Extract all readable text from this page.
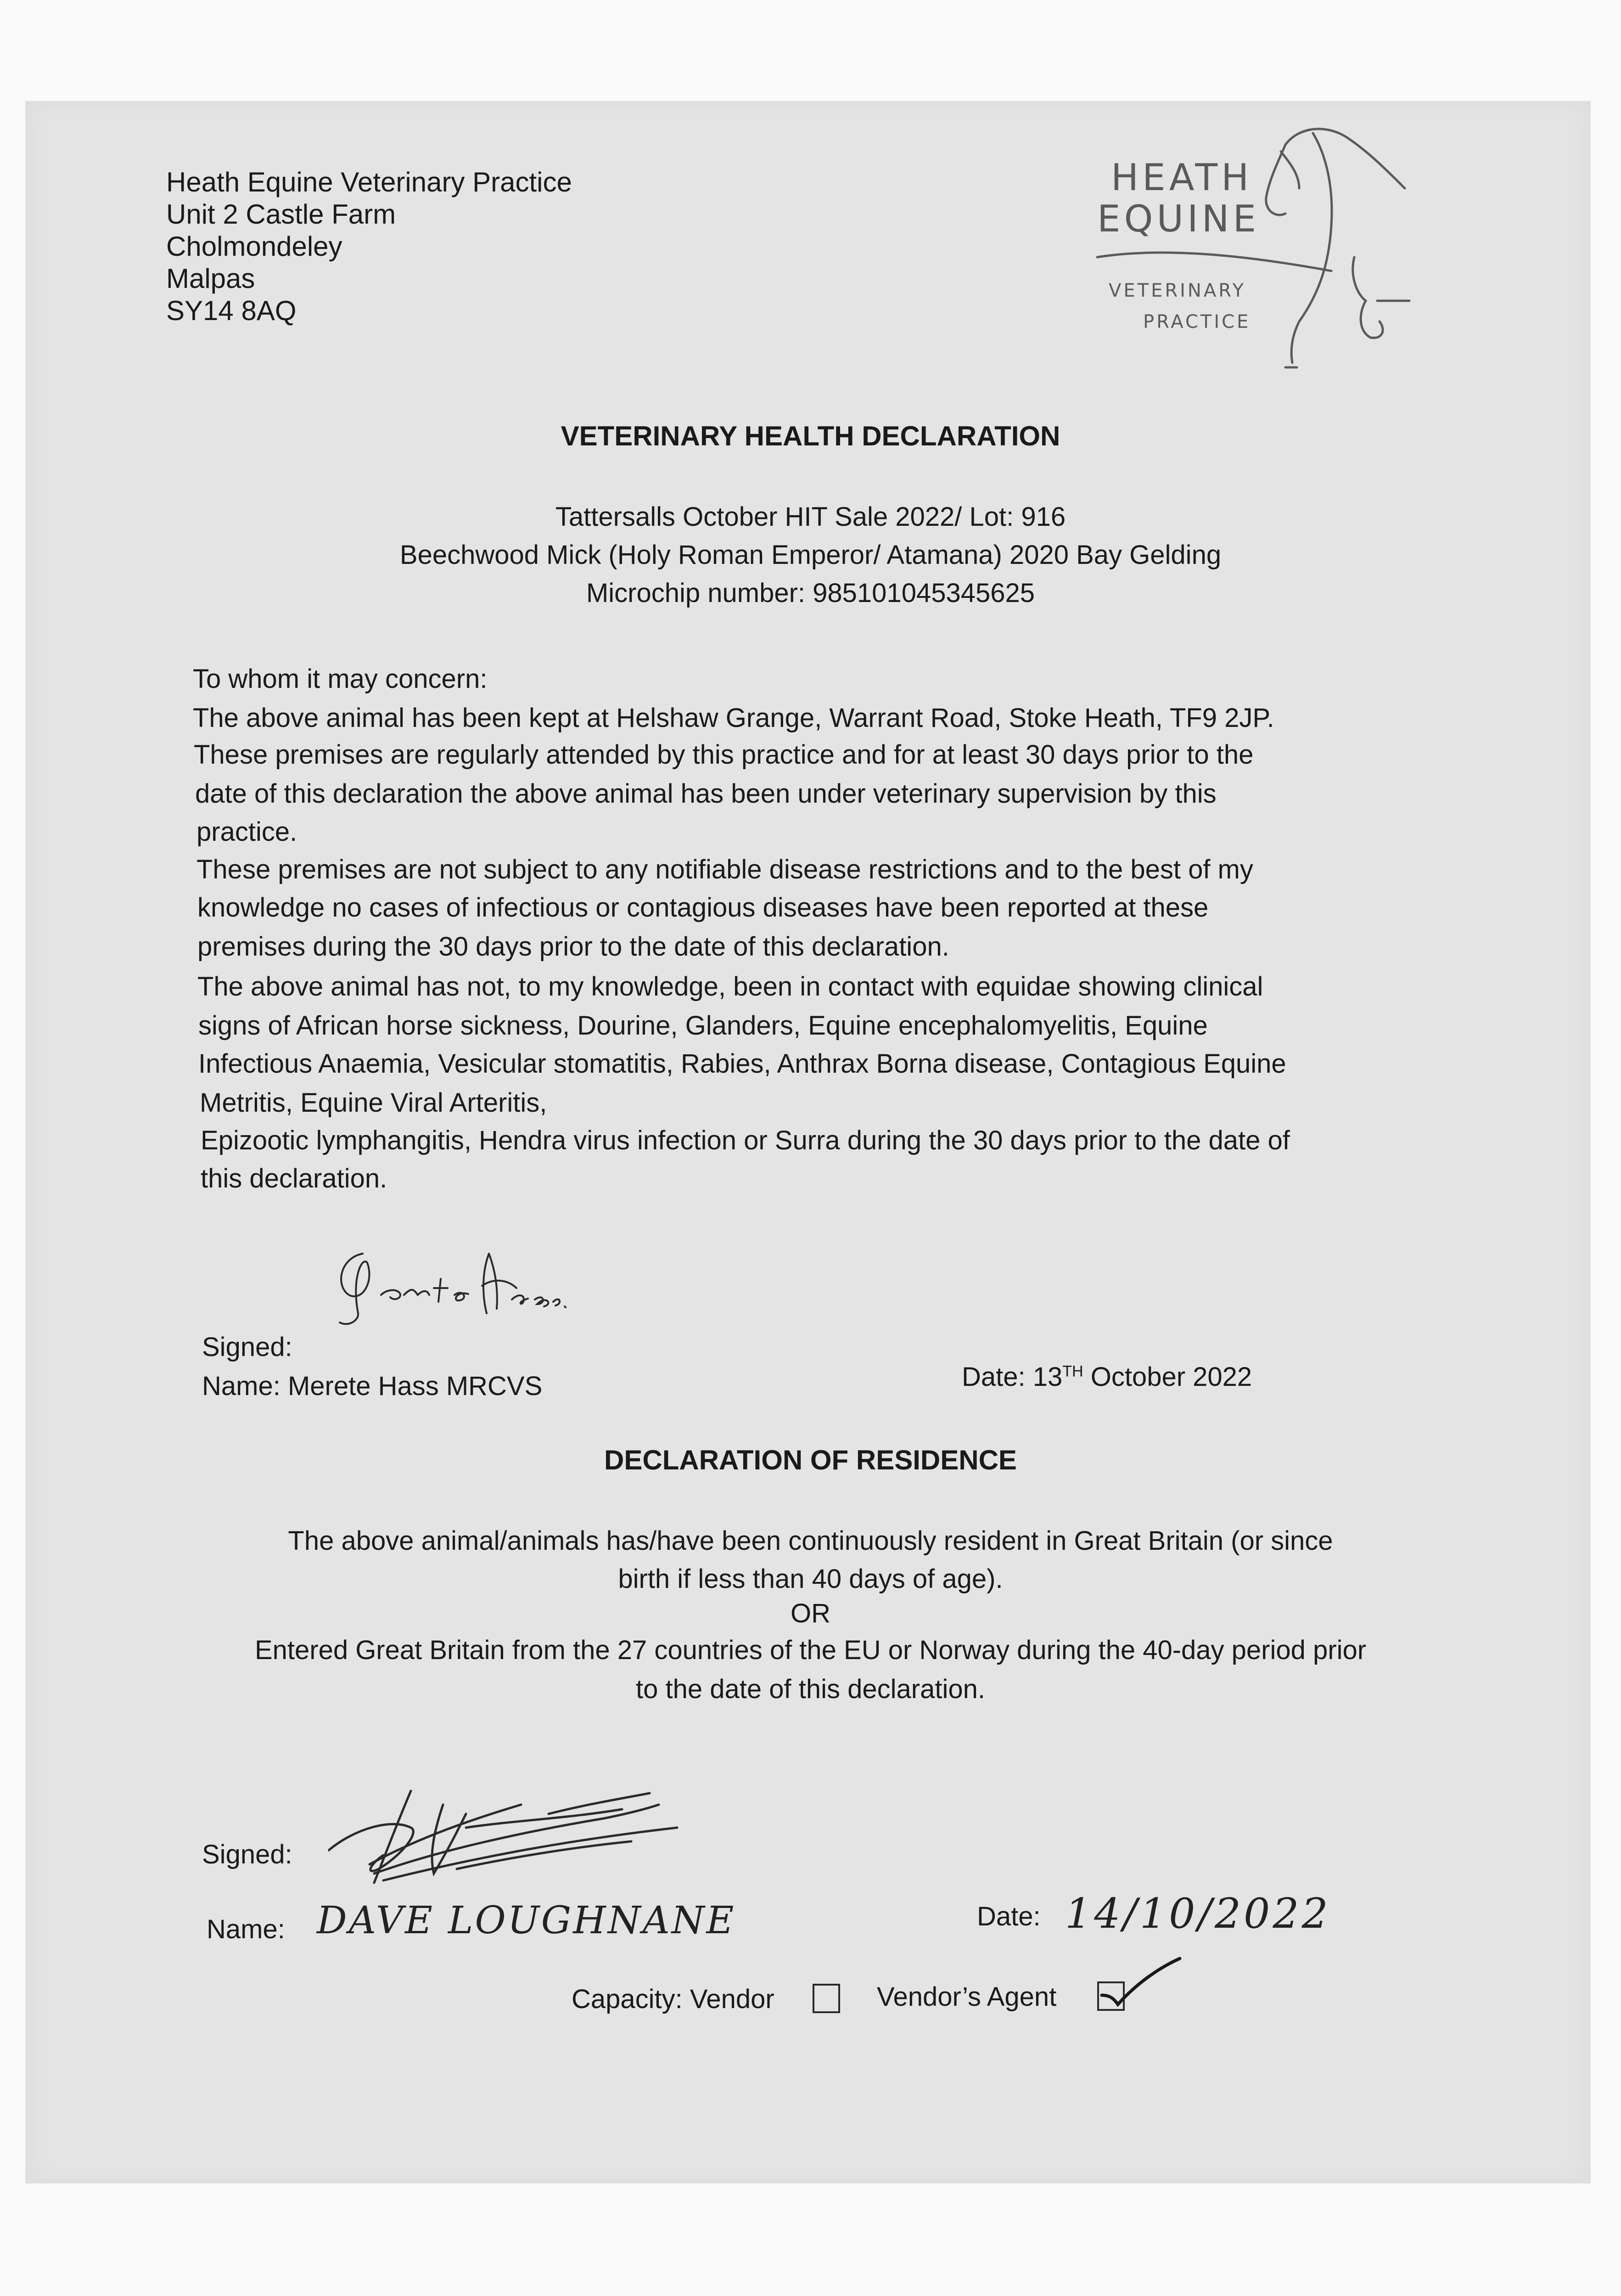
Heath Equine Veterinary Practice
Unit 2 Castle Farm
Cholmondeley
Malpas
SY14 8AQ
HEATH
EQUINE
VETERINARY
PRACTICE
VETERINARY HEALTH DECLARATION
Tattersalls October HIT Sale 2022/ Lot: 916
Beechwood Mick (Holy Roman Emperor/ Atamana) 2020 Bay Gelding
Microchip number: 985101045345625
To whom it may concern:
The above animal has been kept at Helshaw Grange, Warrant Road, Stoke Heath, TF9 2JP.
These premises are regularly attended by this practice and for at least 30 days prior to the
date of this declaration the above animal has been under veterinary supervision by this
practice.
These premises are not subject to any notifiable disease restrictions and to the best of my
knowledge no cases of infectious or contagious diseases have been reported at these
premises during the 30 days prior to the date of this declaration.
The above animal has not, to my knowledge, been in contact with equidae showing clinical
signs of African horse sickness, Dourine, Glanders, Equine encephalomyelitis, Equine
Infectious Anaemia, Vesicular stomatitis, Rabies, Anthrax Borna disease, Contagious Equine
Metritis, Equine Viral Arteritis,
Epizootic lymphangitis, Hendra virus infection or Surra during the 30 days prior to the date of
this declaration.
Signed:
Name: Merete Hass MRCVS	Date: 13TH October 2022
DECLARATION OF RESIDENCE
The above animal/animals has/have been continuously resident in Great Britain (or since
birth if less than 40 days of age).
OR
Entered Great Britain from the 27 countries of the EU or Norway during the 40-day period prior
to the date of this declaration.
Signed:
Name: DAVE LOUGHNANE	Date: 14/10/2022
Capacity: Vendor	Vendor’s Agent
